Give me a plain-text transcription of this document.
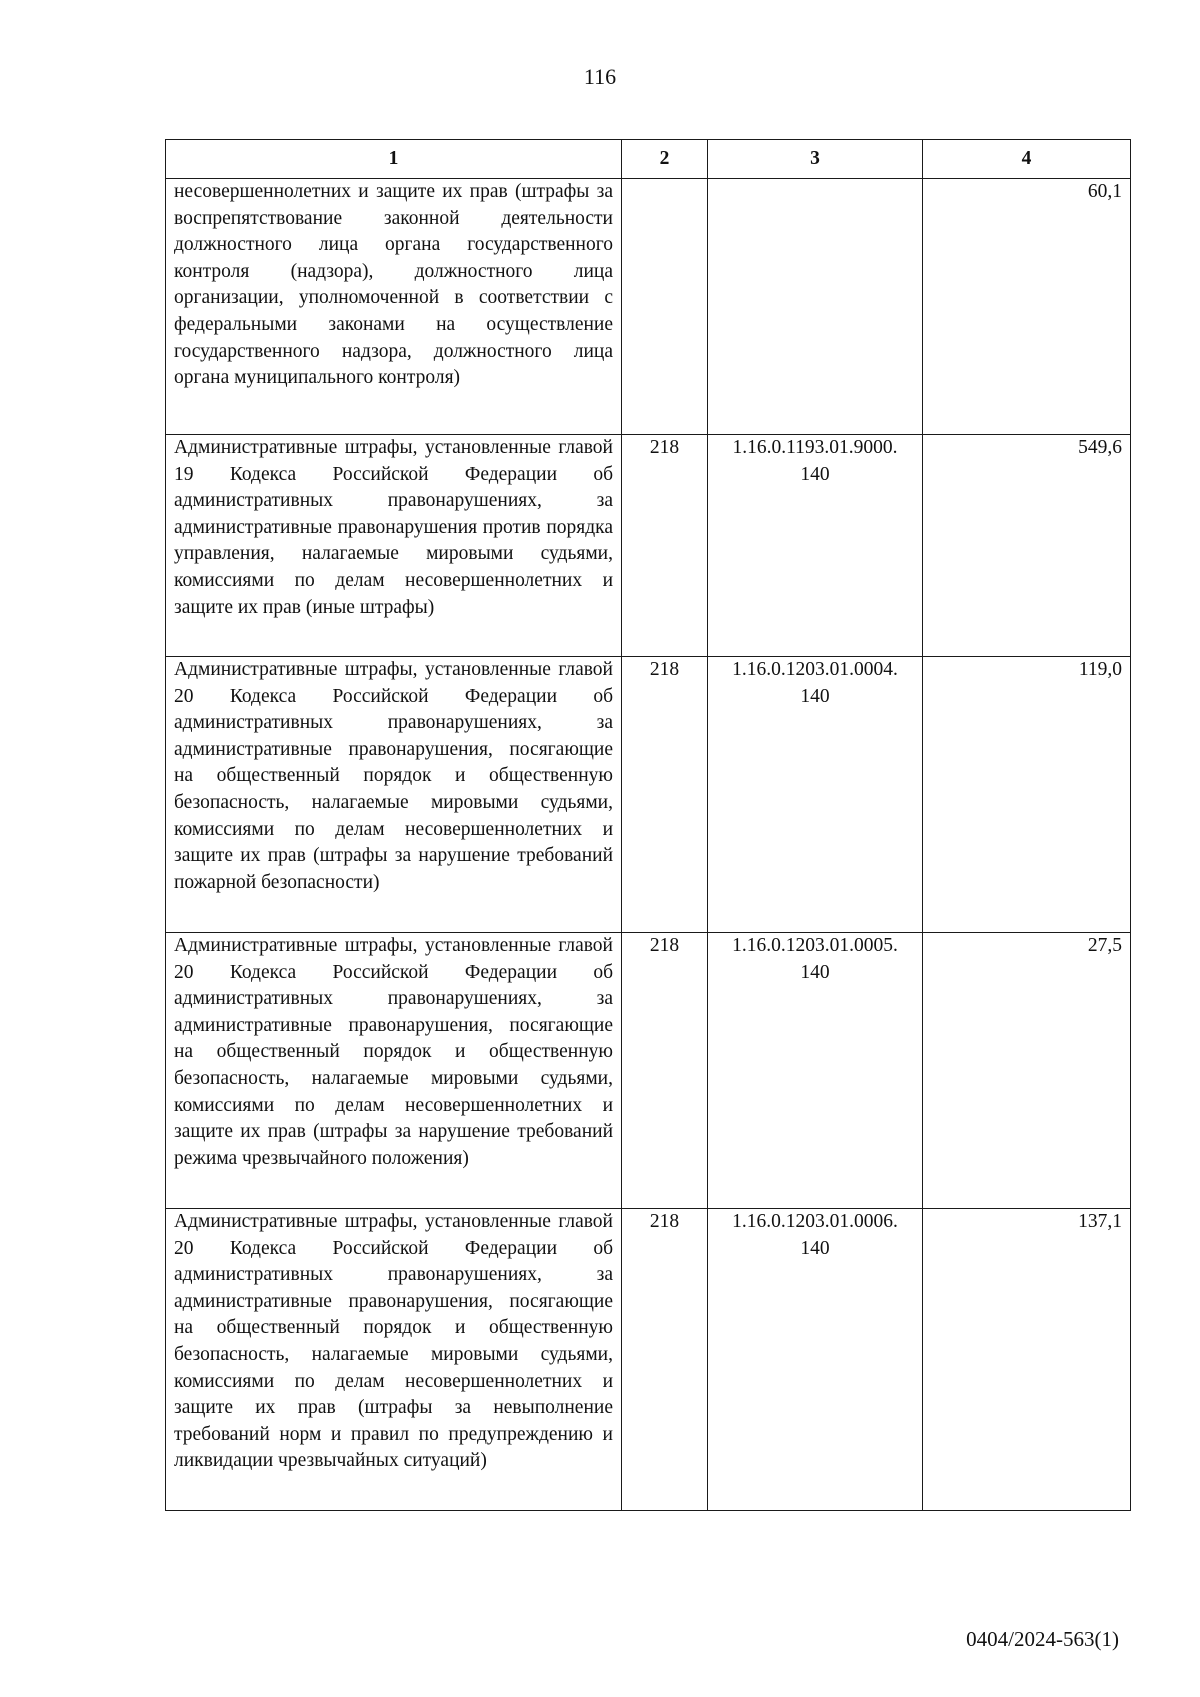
116
1	2	3	4
несовершеннолетних и защите их прав (штрафы за воспрепятствование законной деятельности должностного лица органа государственного контроля (надзора), должностного лица организации, уполномоченной в соответствии с федеральными законами на осуществление государственного надзора, должностного лица органа муниципального контроля)			60,1
Административные штрафы, установленные главой 19 Кодекса Российской Федерации об административных правонарушениях, за административные правонарушения против порядка управления, налагаемые мировыми судьями, комиссиями по делам несовершеннолетних и защите их прав (иные штрафы)	218	1.16.0.1193.01.9000. 140	549,6
Административные штрафы, установленные главой 20 Кодекса Российской Федерации об административных правонарушениях, за административные правонарушения, посягающие на общественный порядок и общественную безопасность, налагаемые мировыми судьями, комиссиями по делам несовершеннолетних и защите их прав (штрафы за нарушение требований пожарной безопасности)	218	1.16.0.1203.01.0004. 140	119,0
Административные штрафы, установленные главой 20 Кодекса Российской Федерации об административных правонарушениях, за административные правонарушения, посягающие на общественный порядок и общественную безопасность, налагаемые мировыми судьями, комиссиями по делам несовершеннолетних и защите их прав (штрафы за нарушение требований режима чрезвычайного положения)	218	1.16.0.1203.01.0005. 140	27,5
Административные штрафы, установленные главой 20 Кодекса Российской Федерации об административных правонарушениях, за административные правонарушения, посягающие на общественный порядок и общественную безопасность, налагаемые мировыми судьями, комиссиями по делам несовершеннолетних и защите их прав (штрафы за невыполнение требований норм и правил по предупреждению и ликвидации чрезвычайных ситуаций)	218	1.16.0.1203.01.0006. 140	137,1
0404/2024-563(1)
